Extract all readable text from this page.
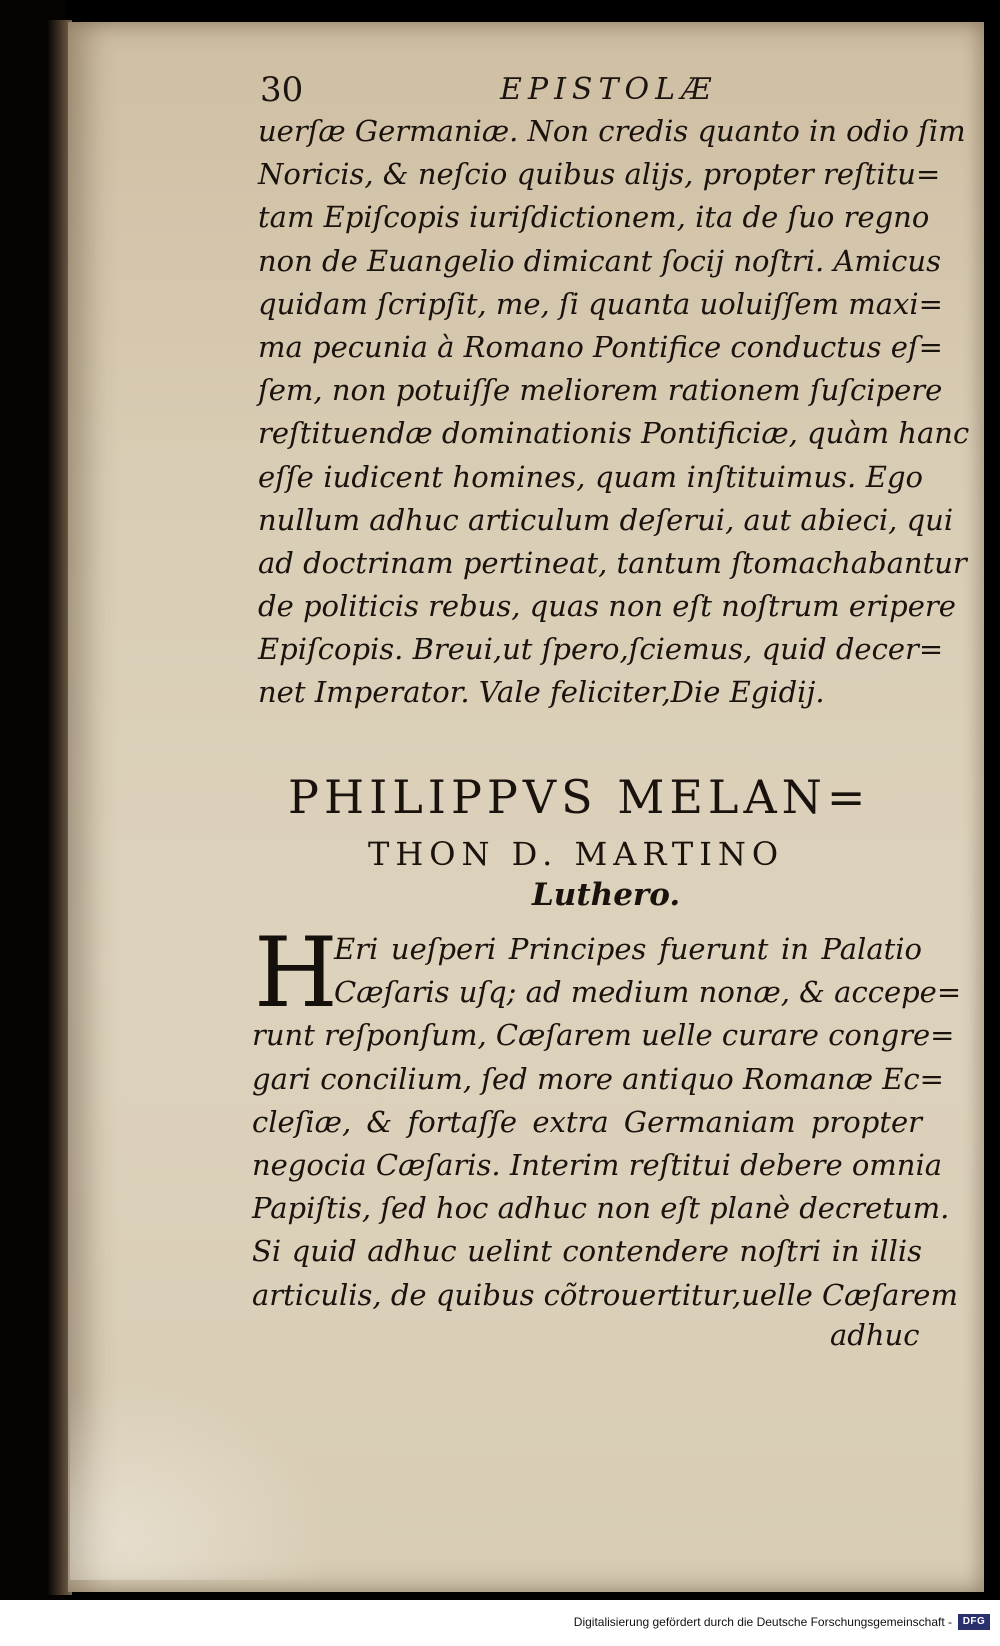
30	EPISTOLÆ
uerſæ Germaniæ. Non credis quanto in odio ſim
Noricis, & neſcio quibus alijs, propter reſtitu=
tam Epiſcopis iuriſdictionem, ita de ſuo regno
non de Euangelio dimicant ſocij noſtri. Amicus
quidam ſcripſit, me, ſi quanta uoluiſſem maxi=
ma pecunia à Romano Pontifice conductus eſ=
ſem, non potuiſſe meliorem rationem ſuſcipere
reſtituendæ dominationis Pontificiæ, quàm hanc
eſſe iudicent homines, quam inſtituimus. Ego
nullum adhuc articulum deſerui, aut abieci, qui
ad doctrinam pertineat, tantum ſtomachabantur
de politicis rebus, quas non eſt noſtrum eripere
Epiſcopis. Breui,ut ſpero,ſciemus, quid decer=
net Imperator. Vale feliciter,Die Egidij.
PHILIPPVS MELAN=
THON D. MARTINO
Luthero.
H
Eri ueſperi Principes fuerunt in Palatio
Cæſaris uſq; ad medium nonæ, & accepe=
runt reſponſum, Cæſarem uelle curare congre=
gari concilium, ſed more antiquo Romanæ Ec=
cleſiæ, & fortaſſe extra Germaniam propter
negocia Cæſaris. Interim reſtitui debere omnia
Papiſtis, ſed hoc adhuc non eſt planè decretum.
Si quid adhuc uelint contendere noſtri in illis
articulis, de quibus cõtrouertitur,uelle Cæſarem
adhuc
Digitalisierung gefördert durch die Deutsche Forschungsgemeinschaft -	DFG
